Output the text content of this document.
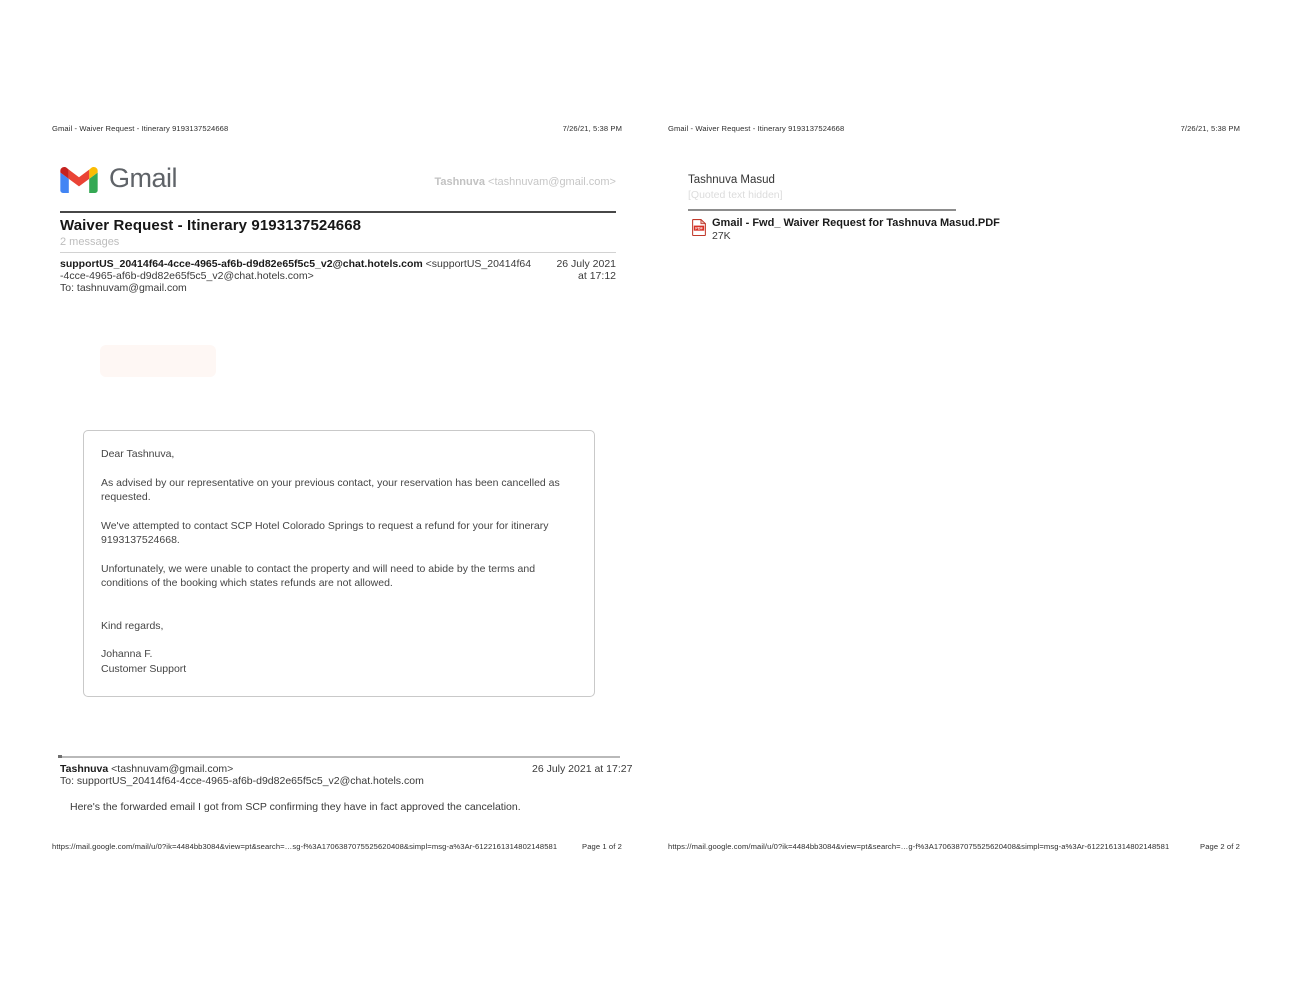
Gmail - Waiver Request - Itinerary 9193137524668	7/26/21, 5:38 PM
Gmail	Tashnuva <tashnuvam@gmail.com>
Waiver Request - Itinerary 9193137524668
2 messages
supportUS_20414f64-4cce-4965-af6b-d9d82e65f5c5_v2@chat.hotels.com <supportUS_20414f64-4cce-4965-af6b-d9d82e65f5c5_v2@chat.hotels.com>
To: tashnuvam@gmail.com
26 July 2021
at 17:12

Dear Tashnuva,

As advised by our representative on your previous contact, your reservation has been cancelled as requested.

We've attempted to contact SCP Hotel Colorado Springs to request a refund for your for itinerary 9193137524668.

Unfortunately, we were unable to contact the property and will need to abide by the terms and conditions of the booking which states refunds are not allowed.

Kind regards,

Johanna F.
Customer Support
Tashnuva <tashnuvam@gmail.com>
To: supportUS_20414f64-4cce-4965-af6b-d9d82e65f5c5_v2@chat.hotels.com
26 July 2021 at 17:27
Here's the forwarded email I got from SCP confirming they have in fact approved the cancelation.
https://mail.google.com/mail/u/0?ik=4484bb3084&view=pt&search=…sg-f%3A1706387075525620408&simpl=msg-a%3Ar-6122161314802148581	Page 1 of 2
Gmail - Waiver Request - Itinerary 9193137524668	7/26/21, 5:38 PM
Tashnuva Masud
[Quoted text hidden]
PDF Gmail - Fwd_ Waiver Request for Tashnuva Masud.PDF
27K
https://mail.google.com/mail/u/0?ik=4484bb3084&view=pt&search=…g-f%3A1706387075525620408&simpl=msg-a%3Ar-6122161314802148581	Page 2 of 2
